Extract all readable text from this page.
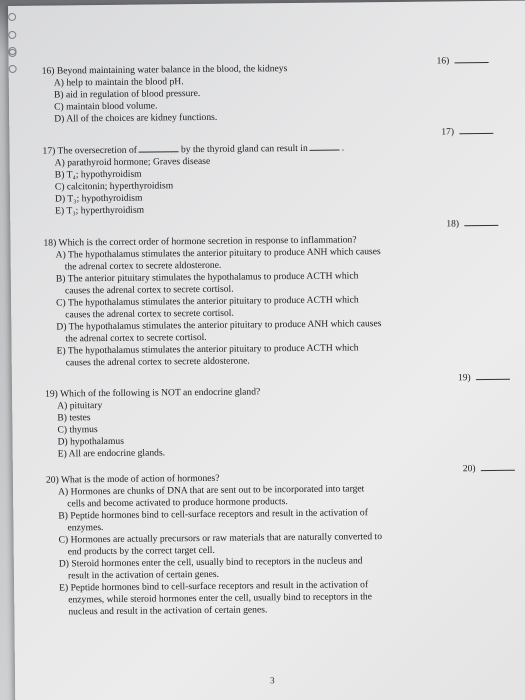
16)

16) Beyond maintaining water balance in the blood, the kidneys

A) help to maintain the blood pH.

B) aid in regulation of blood pressure.

C) maintain blood volume.

D) All of the choices are kidney functions.

17)

17) The oversecretion of	by the thyroid gland can result in	.

A) parathyroid hormone; Graves disease

B) T₄; hypothyroidism

C) calcitonin; hyperthyroidism

D) T₃; hypothyroidism

E) T₃; hyperthyroidism

18)

18) Which is the correct order of hormone secretion in response to inflammation?

A) The hypothalamus stimulates the anterior pituitary to produce ANH which causes
the adrenal cortex to secrete aldosterone.

B) The anterior pituitary stimulates the hypothalamus to produce ACTH which
causes the adrenal cortex to secrete cortisol.

C) The hypothalamus stimulates the anterior pituitary to produce ACTH which
causes the adrenal cortex to secrete cortisol.

D) The hypothalamus stimulates the anterior pituitary to produce ANH which causes
the adrenal cortex to secrete cortisol.

E) The hypothalamus stimulates the anterior pituitary to produce ACTH which
causes the adrenal cortex to secrete aldosterone.

19)

19) Which of the following is NOT an endocrine gland?

A) pituitary

B) testes

C) thymus

D) hypothalamus

E) All are endocrine glands.

20)

20) What is the mode of action of hormones?

A) Hormones are chunks of DNA that are sent out to be incorporated into target
cells and become activated to produce hormone products.

B) Peptide hormones bind to cell-surface receptors and result in the activation of
enzymes.

C) Hormones are actually precursors or raw materials that are naturally converted to
end products by the correct target cell.

D) Steroid hormones enter the cell, usually bind to receptors in the nucleus and
result in the activation of certain genes.

E) Peptide hormones bind to cell-surface receptors and result in the activation of
enzymes, while steroid hormones enter the cell, usually bind to receptors in the
nucleus and result in the activation of certain genes.

3
